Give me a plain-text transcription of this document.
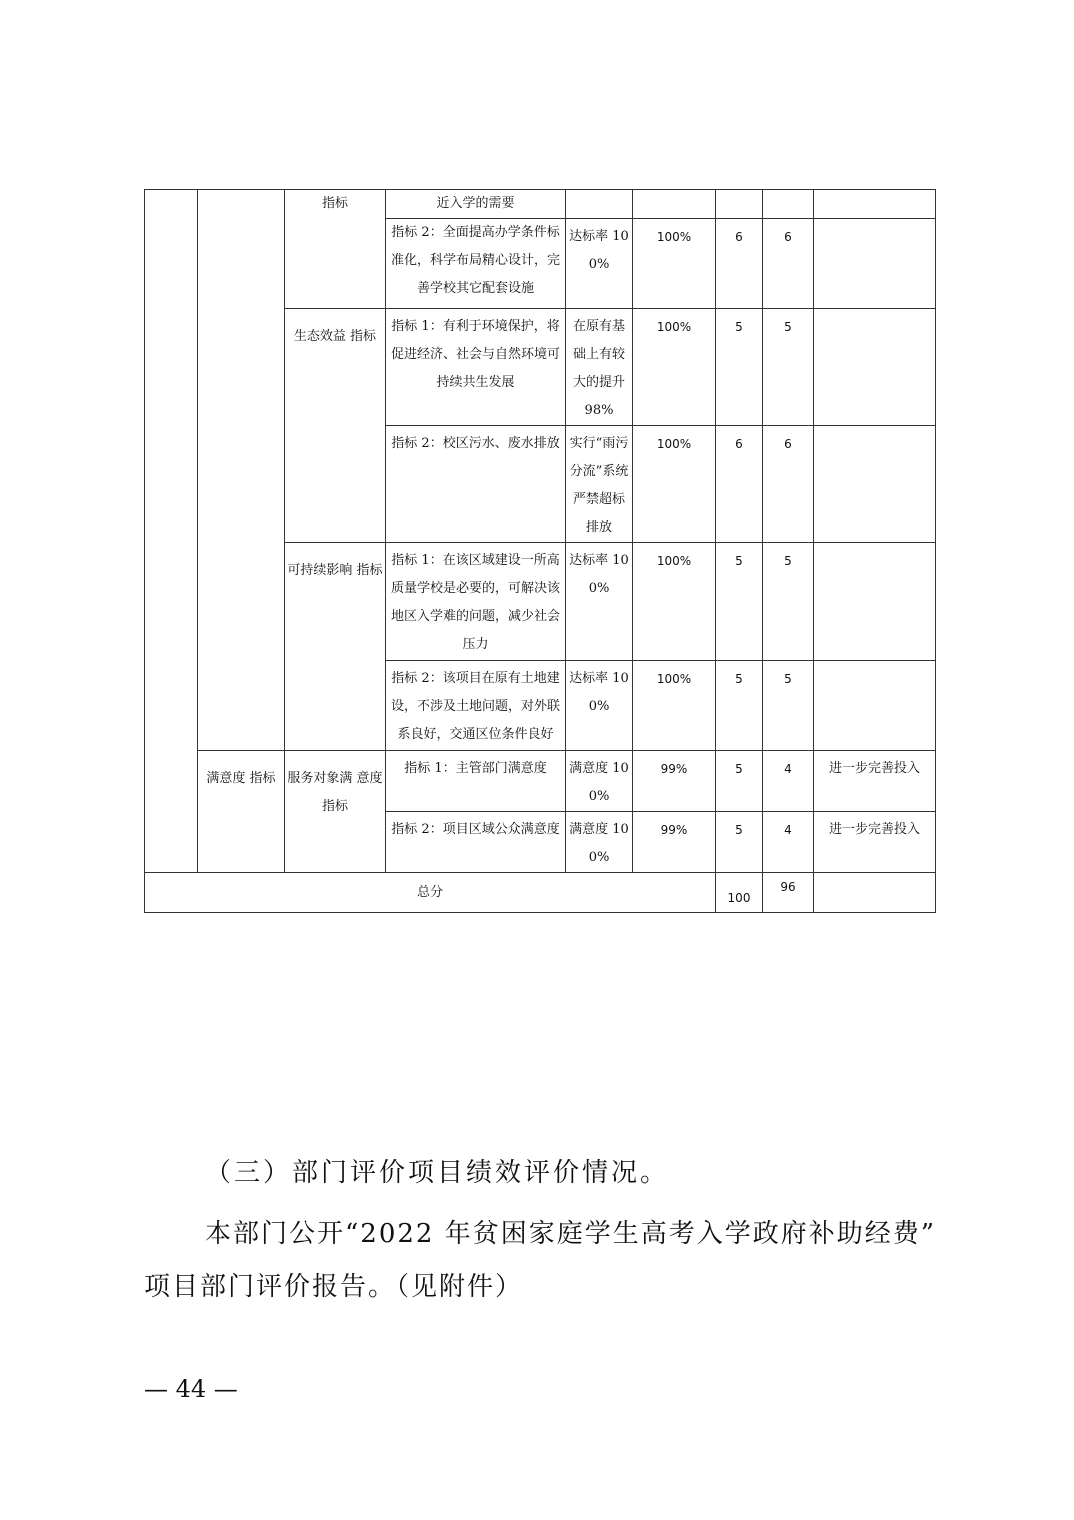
		指标	近入学的需要					
			指标 2：全面提高办学条件标准化，科学布局精心设计，完善学校其它配套设施	达标率 100%	100%	6	6	
		生态效益 指标	指标 1：有利于环境保护，将促进经济、社会与自然环境可持续共生发展	在原有基础上有较大的提升 98%	100%	5	5	
			指标 2：校区污水、废水排放	实行“雨污分流”系统严禁超标排放	100%	6	6	
		可持续影响 指标	指标 1：在该区域建设一所高质量学校是必要的，可解决该地区入学难的问题，减少社会压力	达标率 100%	100%	5	5	
			指标 2：该项目在原有土地建设，不涉及土地问题，对外联系良好，交通区位条件良好	达标率 100%	100%	5	5	
	满意度 指标	服务对象满 意度指标	指标 1：主管部门满意度	满意度 100%	99%	5	4	进一步完善投入
			指标 2：项目区域公众满意度	满意度 100%	99%	5	4	进一步完善投入
总分						100	96	
（三）部门评价项目绩效评价情况。
本部门公开“2022 年贫困家庭学生高考入学政府补助经费”
项目部门评价报告。（见附件）
— 44 —
